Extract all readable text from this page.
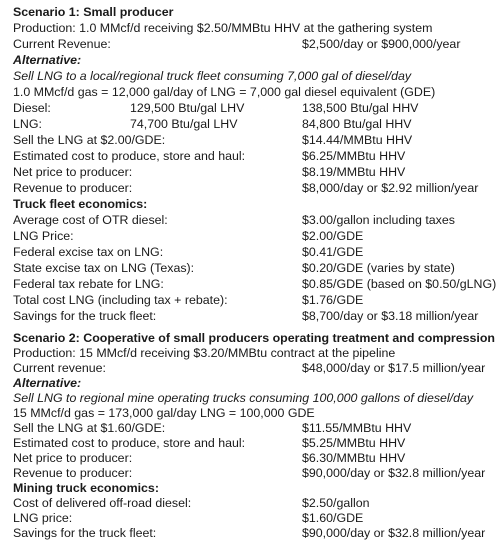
Scenario 1: Small producer
Production: 1.0 MMcf/d receiving $2.50/MMBtu HHV at the gathering system
Current Revenue:	$2,500/day or $900,000/year
Alternative:
Sell LNG to a local/regional truck fleet consuming 7,000 gal of diesel/day
1.0 MMcf/d gas = 12,000 gal/day of LNG = 7,000 gal diesel equivalent (GDE)
Diesel:	129,500 Btu/gal LHV	138,500 Btu/gal HHV
LNG:	74,700 Btu/gal LHV	84,800 Btu/gal HHV
Sell the LNG at $2.00/GDE:	$14.44/MMBtu HHV
Estimated cost to produce, store and haul:	$6.25/MMBtu HHV
Net price to producer:	$8.19/MMBtu HHV
Revenue to producer:	$8,000/day or $2.92 million/year
Truck fleet economics:
Average cost of OTR diesel:	$3.00/gallon including taxes
LNG Price:	$2.00/GDE
Federal excise tax on LNG:	$0.41/GDE
State excise tax on LNG (Texas):	$0.20/GDE (varies by state)
Federal tax rebate for LNG:	$0.85/GDE (based on $0.50/gLNG)
Total cost LNG (including tax + rebate):	$1.76/GDE
Savings for the truck fleet:	$8,700/day or $3.18 million/year
Scenario 2: Cooperative of small producers operating treatment and compression
Production: 15 MMcf/d receiving $3.20/MMBtu contract at the pipeline
Current revenue:	$48,000/day or $17.5 million/year
Alternative:
Sell LNG to regional mine operating trucks consuming 100,000 gallons of diesel/day
15 MMcf/d gas = 173,000 gal/day LNG = 100,000 GDE
Sell the LNG at $1.60/GDE:	$11.55/MMBtu HHV
Estimated cost to produce, store and haul:	$5.25/MMBtu HHV
Net price to producer:	$6.30/MMBtu HHV
Revenue to producer:	$90,000/day or $32.8 million/year
Mining truck economics:
Cost of delivered off-road diesel:	$2.50/gallon
LNG price:	$1.60/GDE
Savings for the truck fleet:	$90,000/day or $32.8 million/year
